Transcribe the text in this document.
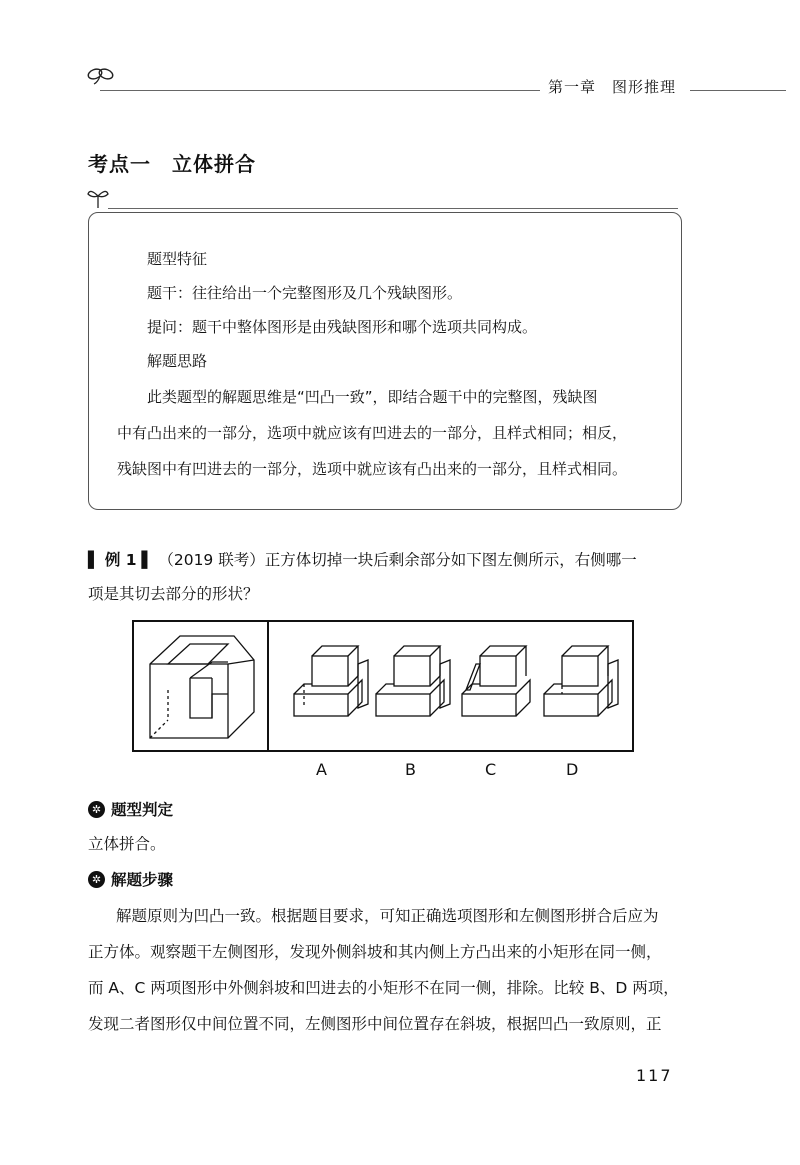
第一章　图形推理
考点一　立体拼合

题型特征

题干：往往给出一个完整图形及几个残缺图形。

提问：题干中整体图形是由残缺图形和哪个选项共同构成。

解题思路

此类题型的解题思维是“凹凸一致”，即结合题干中的完整图，残缺图

中有凸出来的一部分，选项中就应该有凹进去的一部分，且样式相同；相反，

残缺图中有凹进去的一部分，选项中就应该有凸出来的一部分，且样式相同。

▌ 例 1 ▌ （2019 联考）正方体切掉一块后剩余部分如下图左侧所示，右侧哪一
项是其切去部分的形状？
A	B	C	D
✲ 题型判定
立体拼合。
✲ 解题步骤
解题原则为凹凸一致。根据题目要求，可知正确选项图形和左侧图形拼合后应为
正方体。观察题干左侧图形，发现外侧斜坡和其内侧上方凸出来的小矩形在同一侧，
而 A、C 两项图形中外侧斜坡和凹进去的小矩形不在同一侧，排除。比较 B、D 两项，
发现二者图形仅中间位置不同，左侧图形中间位置存在斜坡，根据凹凸一致原则，正
117
